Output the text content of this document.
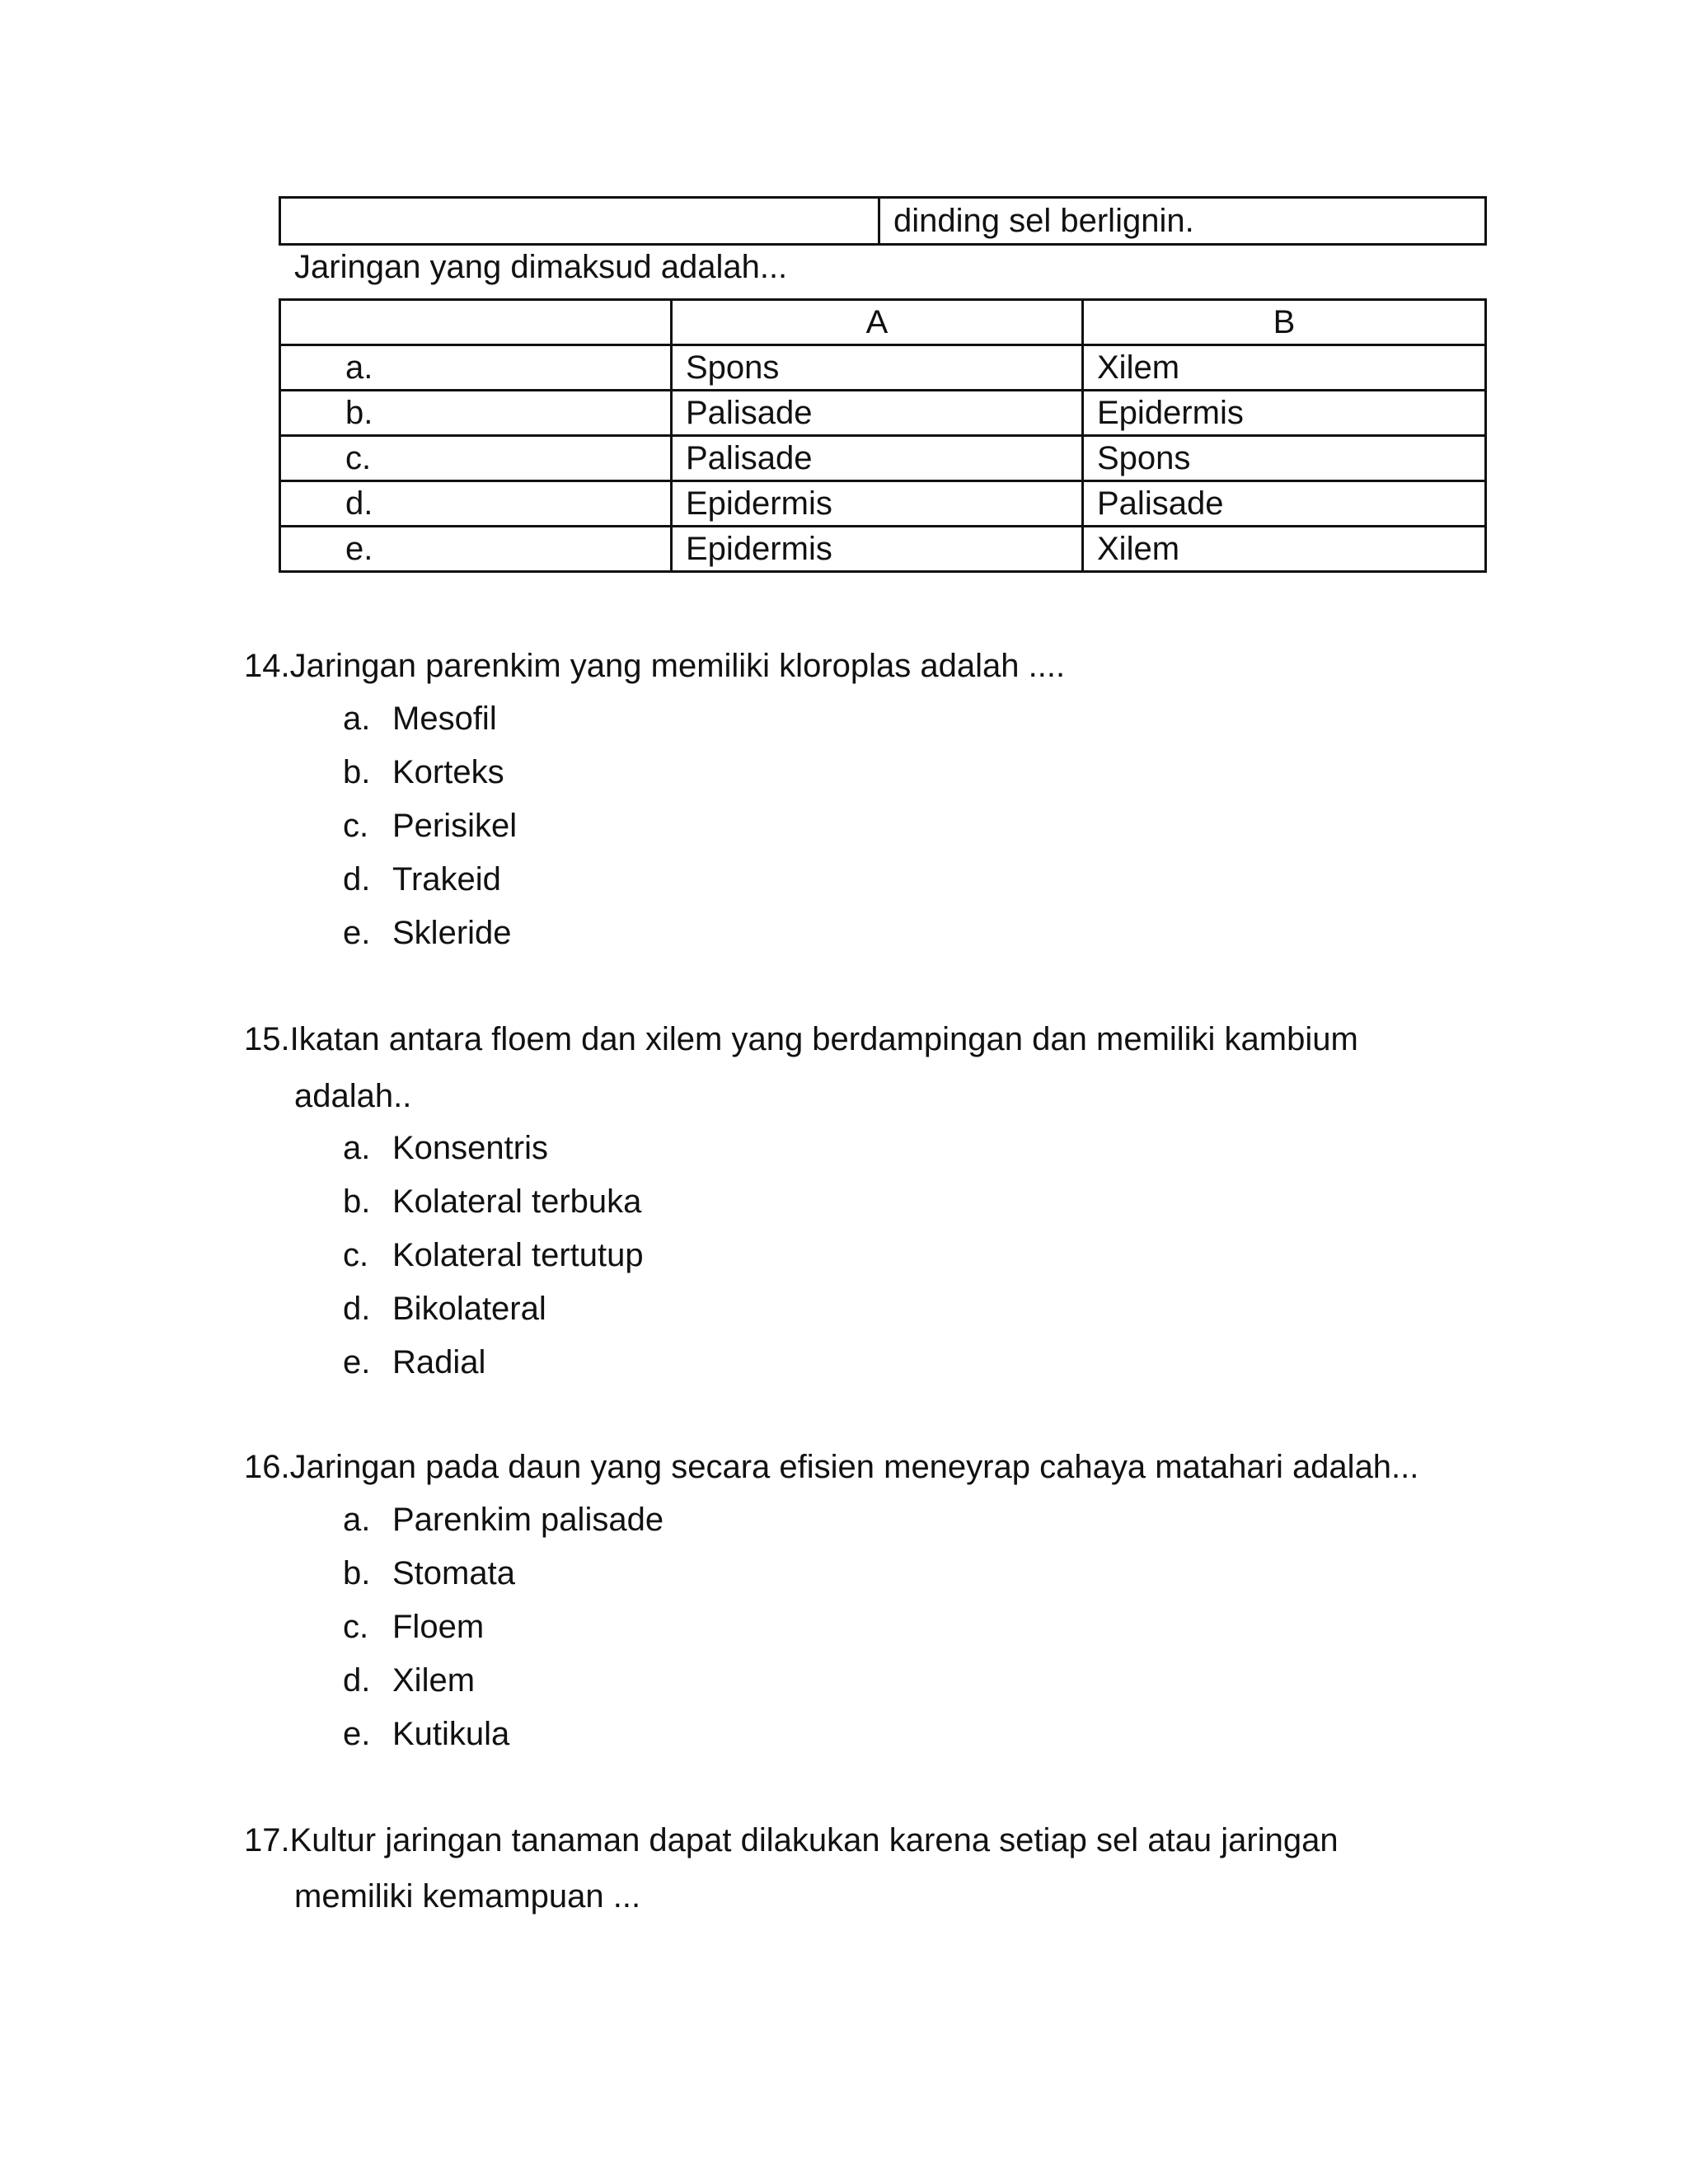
	dinding sel berlignin.
Jaringan yang dimaksud adalah...
	A	B
a.	Spons	Xilem
b.	Palisade	Epidermis
c.	Palisade	Spons
d.	Epidermis	Palisade
e.	Epidermis	Xilem
14.Jaringan parenkim yang memiliki kloroplas adalah ....
a. Mesofil
b. Korteks
c. Perisikel
d. Trakeid
e. Skleride
15.Ikatan antara floem dan xilem yang berdampingan dan memiliki kambium
adalah..
a. Konsentris
b. Kolateral terbuka
c. Kolateral tertutup
d. Bikolateral
e. Radial
16.Jaringan pada daun yang secara efisien meneyrap cahaya matahari adalah...
a. Parenkim palisade
b. Stomata
c. Floem
d. Xilem
e. Kutikula
17.Kultur jaringan tanaman dapat dilakukan karena setiap sel atau jaringan
memiliki kemampuan ...
